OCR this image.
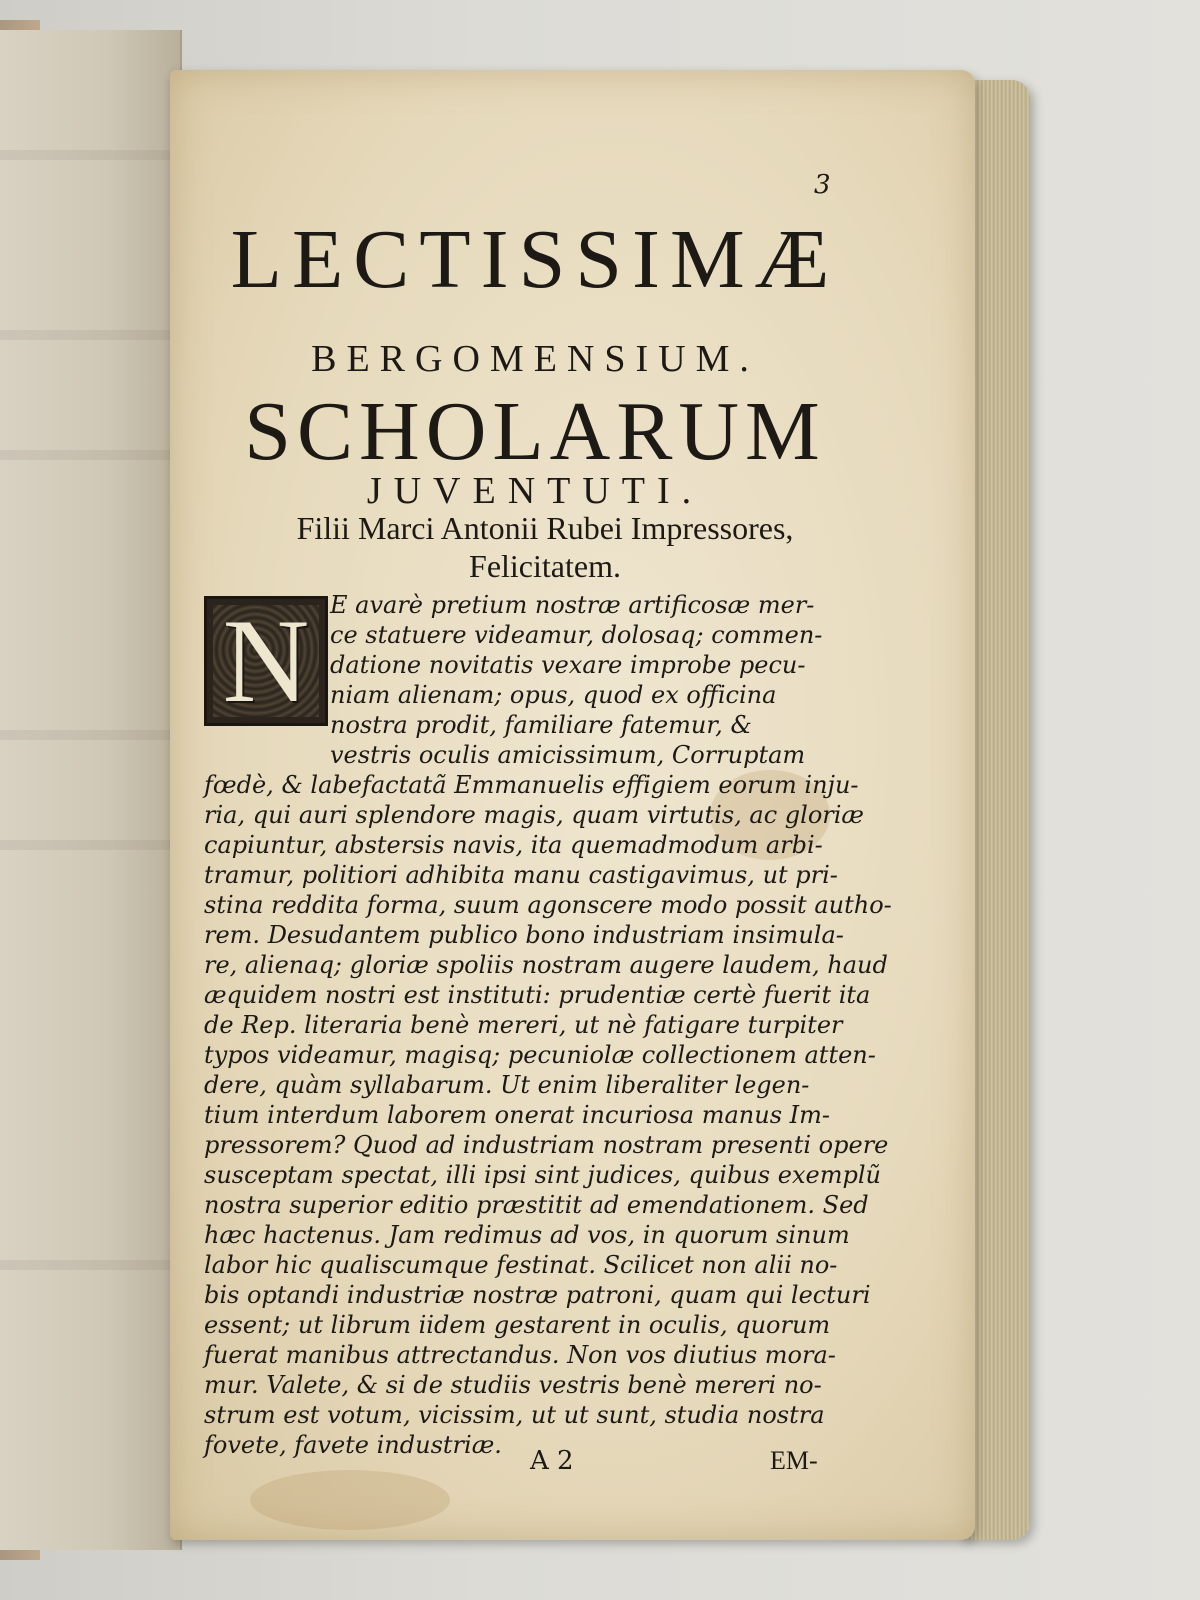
3
LECTISSIMÆ
BERGOMENSIUM.
SCHOLARUM
JUVENTUTI.
Filii Marci Antonii Rubei Impressores,
Felicitatem.
N E avarè pretium nostræ artificosæ mer-
ce statuere videamur, dolosaq; commen-
datione novitatis vexare improbe pecu-
niam alienam; opus, quod ex officina
nostra prodit, familiare fatemur, &
vestris oculis amicissimum, Corruptam
fœdè, & labefactatã Emmanuelis effigiem eorum inju-
ria, qui auri splendore magis, quam virtutis, ac gloriæ
capiuntur, abstersis navis, ita quemadmodum arbi-
tramur, politiori adhibita manu castigavimus, ut pri-
stina reddita forma, suum agonscere modo possit autho-
rem. Desudantem publico bono industriam insimula-
re, alienaq; gloriæ spoliis nostram augere laudem, haud
æquidem nostri est instituti: prudentiæ certè fuerit ita
de Rep. literaria benè mereri, ut nè fatigare turpiter
typos videamur, magisq; pecuniolæ collectionem atten-
dere, quàm syllabarum. Ut enim liberaliter legen-
tium interdum laborem onerat incuriosa manus Im-
pressorem? Quod ad industriam nostram presenti opere
susceptam spectat, illi ipsi sint judices, quibus exemplũ
nostra superior editio præstitit ad emendationem. Sed
hæc hactenus. Jam redimus ad vos, in quorum sinum
labor hic qualiscumque festinat. Scilicet non alii no-
bis optandi industriæ nostræ patroni, quam qui lecturi
essent; ut librum iidem gestarent in oculis, quorum
fuerat manibus attrectandus. Non vos diutius mora-
mur. Valete, & si de studiis vestris benè mereri no-
strum est votum, vicissim, ut ut sunt, studia nostra
fovete, favete industriæ.
A 2	EM-
